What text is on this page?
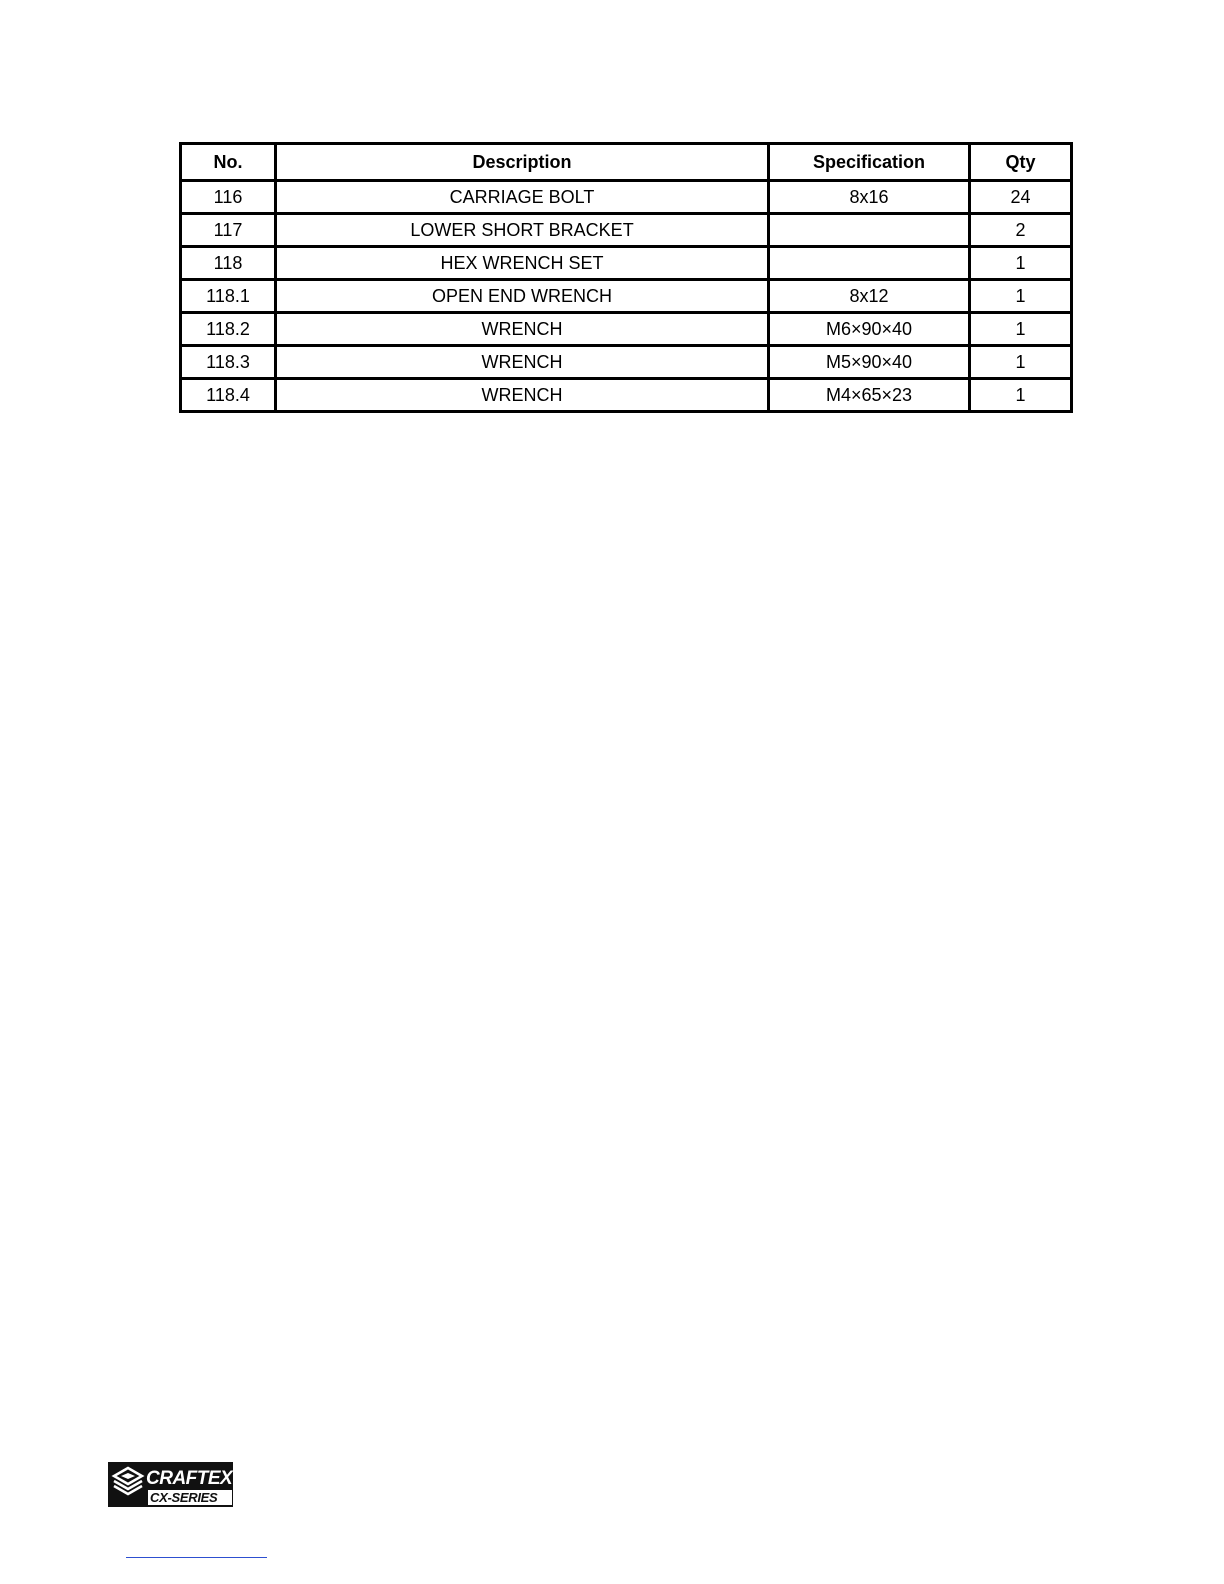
No.	Description	Specification	Qty
116	CARRIAGE BOLT	8x16	24
117	LOWER SHORT BRACKET		2
118	HEX WRENCH SET		1
118.1	OPEN END WRENCH	8x12	1
118.2	WRENCH	M6×90×40	1
118.3	WRENCH	M5×90×40	1
118.4	WRENCH	M4×65×23	1
CRAFTEX
CX-SERIES
